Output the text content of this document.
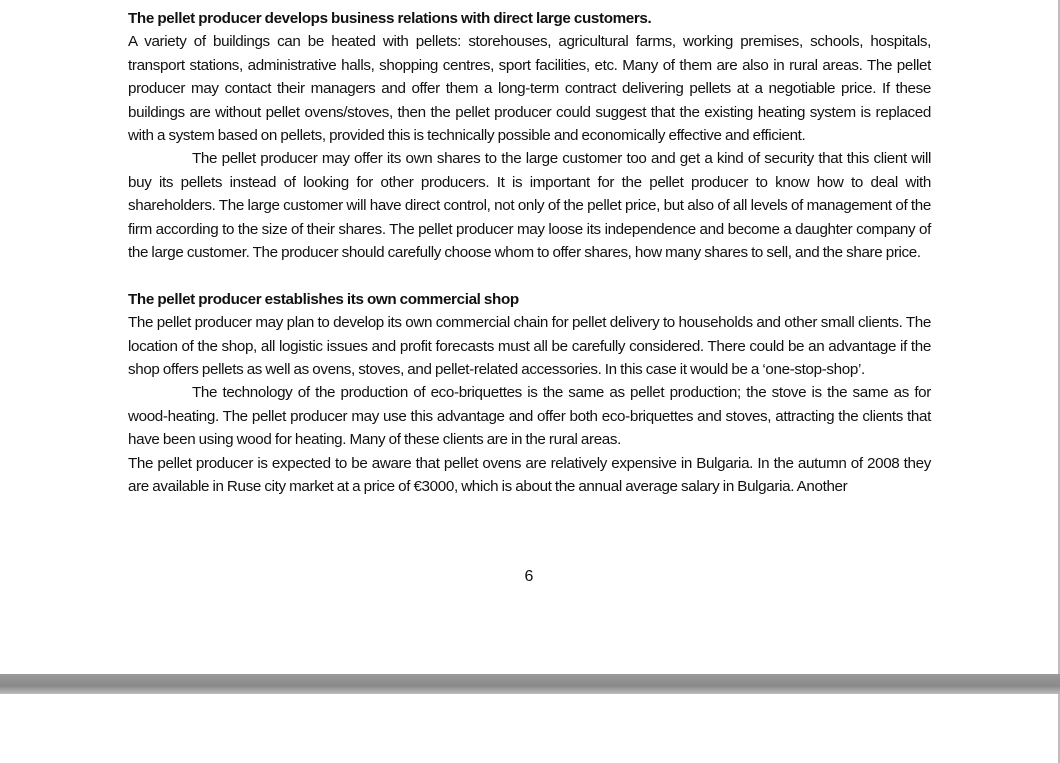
The pellet producer develops business relations with direct large customers.

A variety of buildings can be heated with pellets: storehouses, agricultural farms, working premises, schools, hospitals, transport stations, administrative halls, shopping centres, sport facilities, etc. Many of them are also in rural areas. The pellet producer may contact their managers and offer them a long-term contract delivering pellets at a negotiable price. If these buildings are without pellet ovens/stoves, then the pellet producer could suggest that the existing heating system is replaced with a system based on pellets, provided this is technically possible and economically effective and efficient.

The pellet producer may offer its own shares to the large customer too and get a kind of security that this client will buy its pellets instead of looking for other producers. It is important for the pellet producer to know how to deal with shareholders. The large customer will have direct control, not only of the pellet price, but also of all levels of management of the firm according to the size of their shares. The pellet producer may loose its independence and become a daughter company of the large customer. The producer should carefully choose whom to offer shares, how many shares to sell, and the share price.

The pellet producer establishes its own commercial shop

The pellet producer may plan to develop its own commercial chain for pellet delivery to households and other small clients. The location of the shop, all logistic issues and profit forecasts must all be carefully considered. There could be an advantage if the shop offers pellets as well as ovens, stoves, and pellet-related accessories. In this case it would be a ‘one-stop-shop’.

The technology of the production of eco-briquettes is the same as pellet production; the stove is the same as for wood-heating. The pellet producer may use this advantage and offer both eco-briquettes and stoves, attracting the clients that have been using wood for heating. Many of these clients are in the rural areas.

The pellet producer is expected to be aware that pellet ovens are relatively expensive in Bulgaria. In the autumn of 2008 they are available in Ruse city market at a price of €3000, which is about the annual average salary in Bulgaria. Another

6
